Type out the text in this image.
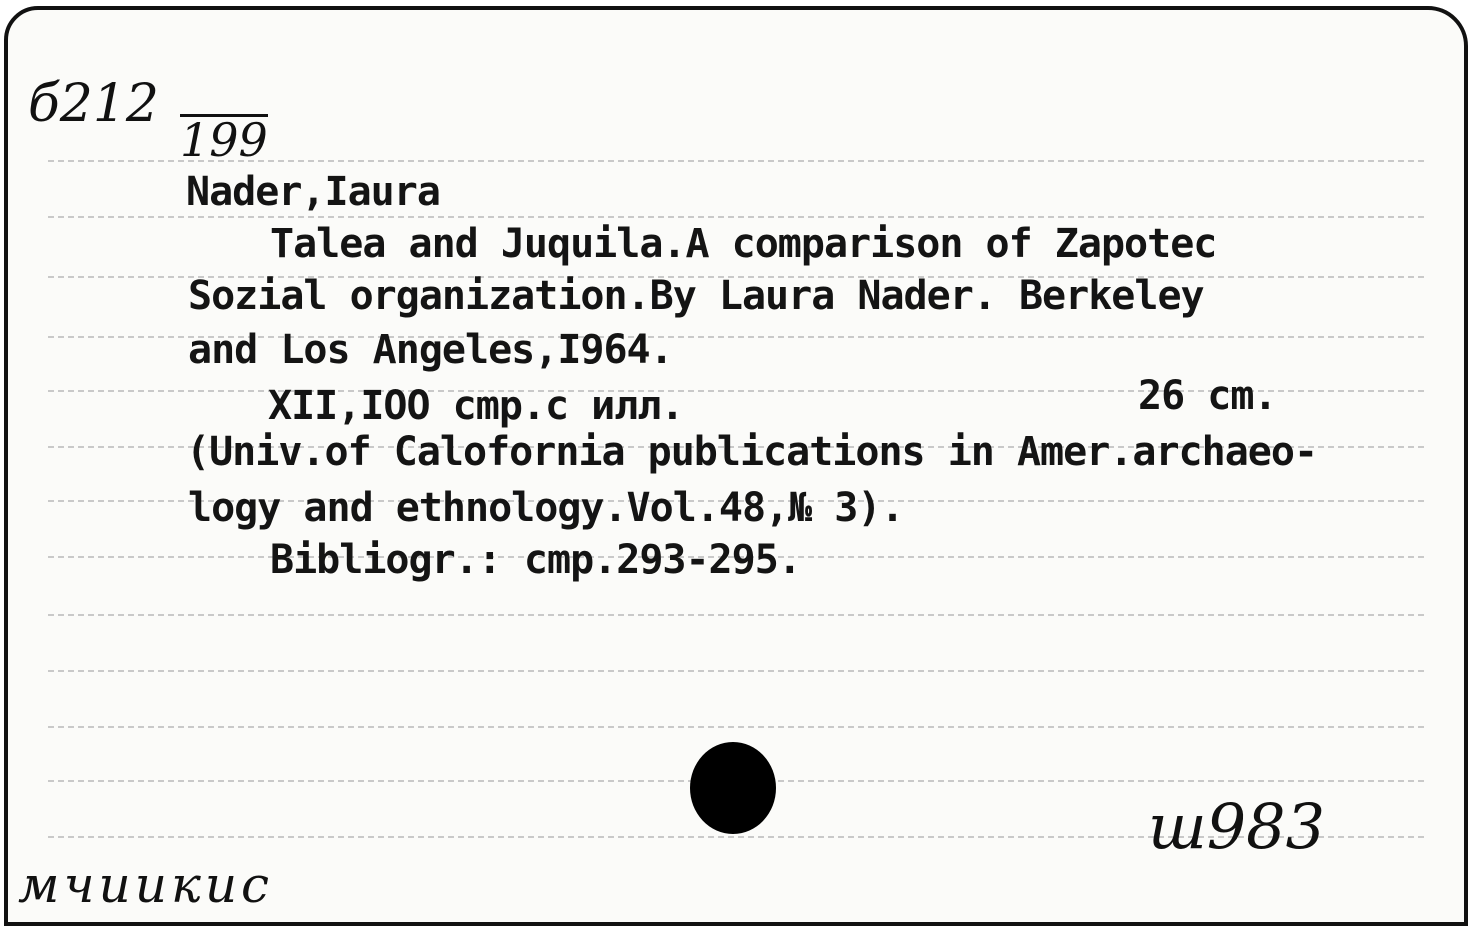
б212
199
Nader,Iaura
Talea and Juquila.A comparison of Zapotec
Sozial organization.By Laura Nader. Berkeley
and Los Angeles,I964.
XII,IOO cmp.c илл.	26 cm.
(Univ.of Calofornia publications in Amer.archaeo-
logy and ethnology.Vol.48,№ 3).
Bibliogr.: cmp.293-295.
ш983
мчиикис
